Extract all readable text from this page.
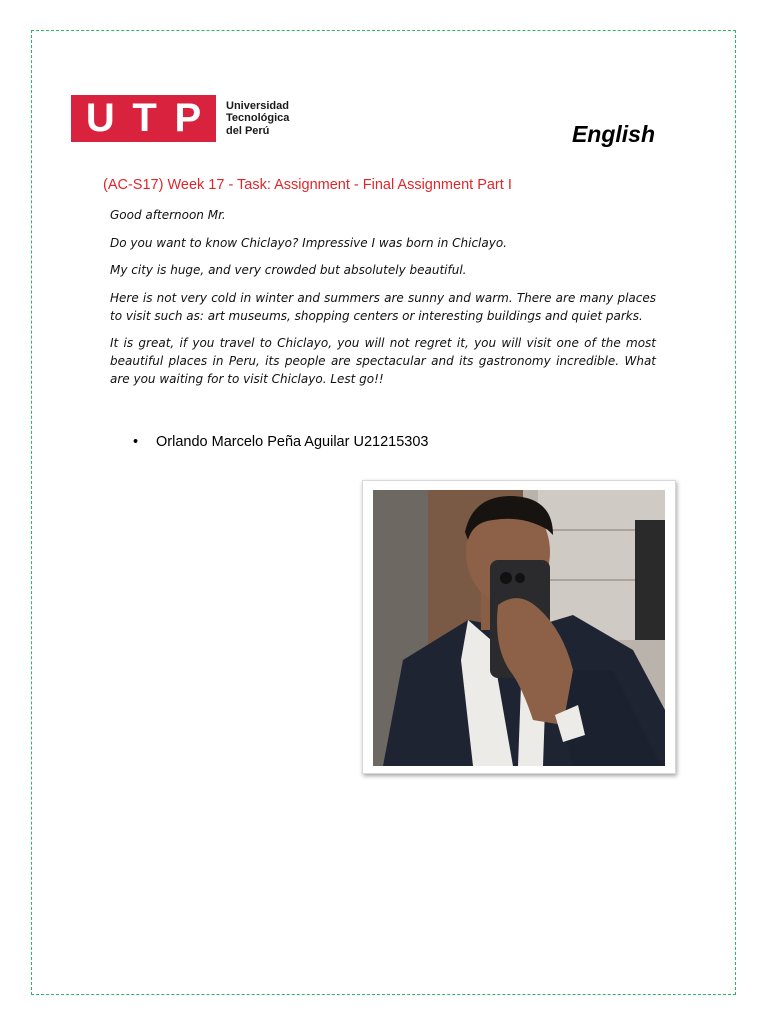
U T P Universidad
Tecnológica
del Perú	English
(AC-S17) Week 17 - Task: Assignment - Final Assignment Part I

Good afternoon Mr.

Do you want to know Chiclayo? Impressive I was born in Chiclayo.

My city is huge, and very crowded but absolutely beautiful.

Here is not very cold in winter and summers are sunny and warm. There are many places to visit such as: art museums, shopping centers or interesting buildings and quiet parks.

It is great, if you travel to Chiclayo, you will not regret it, you will visit one of the most beautiful places in Peru, its people are spectacular and its gastronomy incredible. What are you waiting for to visit Chiclayo. Lest go!!

• Orlando Marcelo Peña Aguilar U21215303
